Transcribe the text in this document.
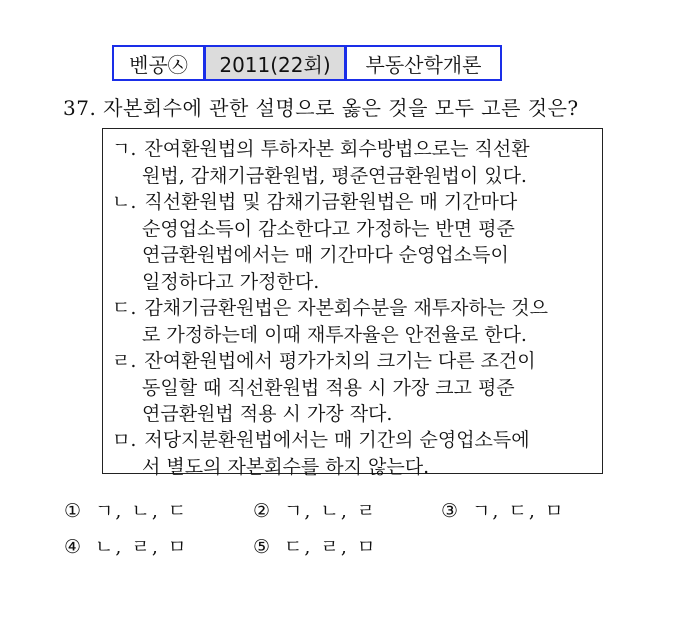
벤공㉦	2011(22회)	부동산학개론
37. 자본회수에 관한 설명으로 옳은 것을 모두 고른 것은?
ㄱ. 잔여환원법의 투하자본 회수방법으로는 직선환
원법, 감채기금환원법, 평준연금환원법이 있다.
ㄴ. 직선환원법 및 감채기금환원법은 매 기간마다
순영업소득이 감소한다고 가정하는 반면 평준
연금환원법에서는 매 기간마다 순영업소득이
일정하다고 가정한다.
ㄷ. 감채기금환원법은 자본회수분을 재투자하는 것으
로 가정하는데 이때 재투자율은 안전율로 한다.
ㄹ. 잔여환원법에서 평가가치의 크기는 다른 조건이
동일할 때 직선환원법 적용 시 가장 크고 평준
연금환원법 적용 시 가장 작다.
ㅁ. 저당지분환원법에서는 매 기간의 순영업소득에
서 별도의 자본회수를 하지 않는다.
① ㄱ, ㄴ, ㄷ	② ㄱ, ㄴ, ㄹ	③ ㄱ, ㄷ, ㅁ
④ ㄴ, ㄹ, ㅁ	⑤ ㄷ, ㄹ, ㅁ
